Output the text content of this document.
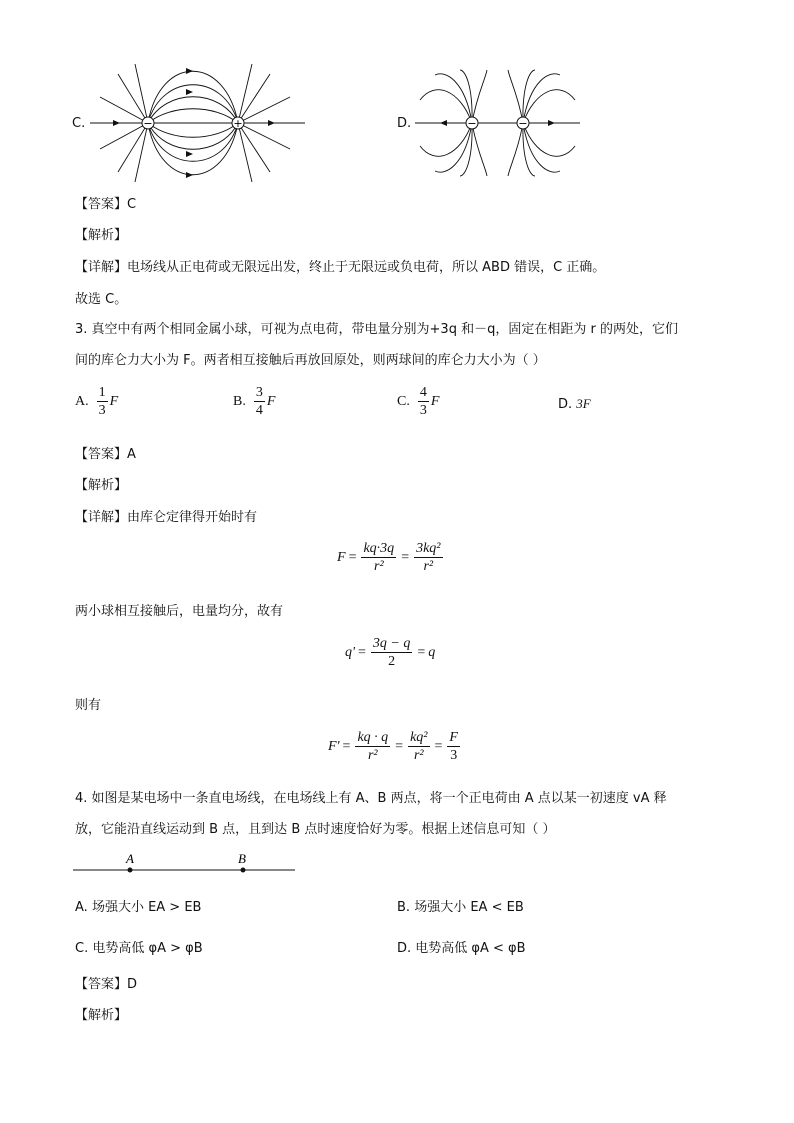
C.	D.
−	+	−	−
【答案】C
【解析】
【详解】电场线从正电荷或无限远出发，终止于无限远或负电荷，所以 ABD 错误，C 正确。
故选 C。
3. 真空中有两个相同金属小球，可视为点电荷，带电量分别为+3q 和－q，固定在相距为 r 的两处，它们
间的库仑力大小为 F。两者相互接触后再放回原处，则两球间的库仑力大小为（ ）
A. $\frac{1}{3}$ F	B. $\frac{3}{4}$ F	C. $\frac{4}{3}$ F	D. 3F
【答案】A
【解析】
【详解】由库仑定律得开始时有
$F = \frac{kq\cdot 3q}{\text{r²}} = \frac{\text{3kq²}}{\text{r²}}$
两小球相互接触后，电量均分，故有
$q' = \frac{3q - q}{2} = q$
则有
$F' = \frac{kq \cdot q}{\text{r²}} = \frac{\text{kq²}}{\text{r²}} = \frac{F}{3}$
4. 如图是某电场中一条直电场线，在电场线上有 A、B 两点，将一个正电荷由 A 点以某一初速度 vA 释
放，它能沿直线运动到 B 点，且到达 B 点时速度恰好为零。根据上述信息可知（ ）
A	B
A. 场强大小 EA > EB	B. 场强大小 EA < EB
C. 电势高低 φA > φB	D. 电势高低 φA < φB
【答案】D
【解析】
